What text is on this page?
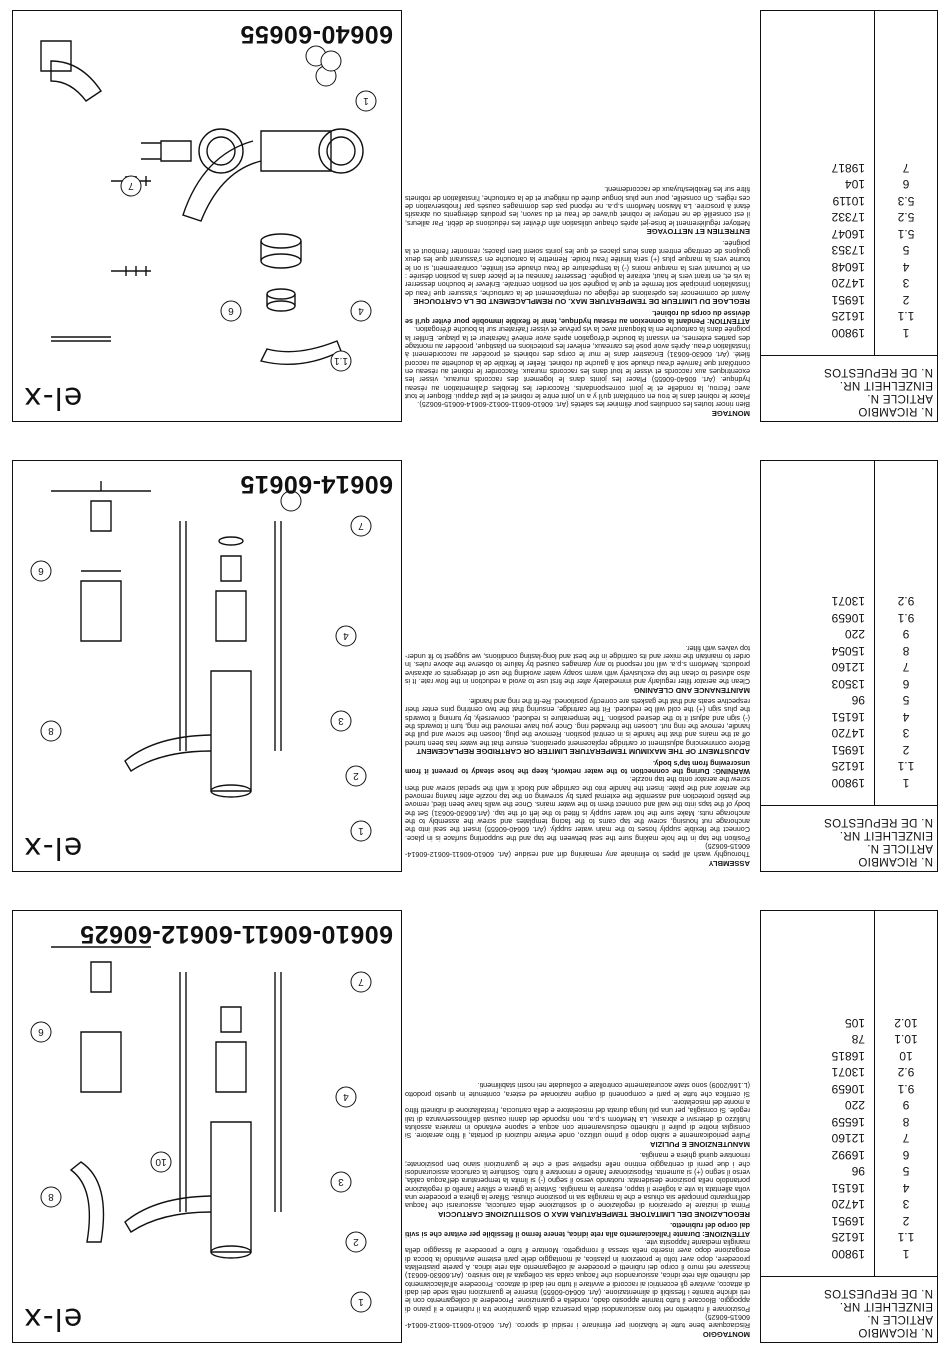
N. RICAMBIO
ARTICLE N.
EINZELHEIT NR.
N. DE REPUESTOS
1
19800
1.1
16125
2
16951
3
14720
4
16048
5
17353
5.1
16047
5.2
17332
5.3
10119
6
104
7
19817
MONTAGE

Bien rincer toutes les conduites pour éliminer les saletés (Art. 60610-60611-60612-60614-60615-60625).

Placer le robinet dans le trou en contrôlant qu'il y a un joint entre le robinet et le plat d'appui. Bloquer le tout avec l'écrou, la rondelle et le joint correspondants. Raccorder les flexibles d'alimentation au réseau hydrique. (Art. 60640-60655) Placer les joints dans le logement des raccords muraux, visser les excentriques aux raccords et visser le tout dans les raccords muraux. Raccorder le robinet au réseau en contrôlant que l'arrivée d'eau chaude soit à gauche du robinet. Relier le flexible de la douchette au raccord fileté. (Art. 60630-60631) Encastrer dans le mur le corps des robinets et procéder au raccordement à l'installation d'eau. Après avoir posé les carreaux, enlever les protections en plastique, procéder au montage des parties externes, en vissant la bouche d'érogation après avoir enlevé l'aérateur et la plaque. Enfiler la poignée dans la cartouche en la bloquant avec la vis prévue et visser l'aérateur sur la bouche d'érogation.

ATTENTION: Pendant la connexion au réseau hydrique, tenir le flexible immobile pour éviter qu'il se dévisse du corps du robinet.

REGLAGE DU LIMITEUR DE TEMPERATURE MAX. OU REMPLACEMENT DE LA CARTOUCHE

Avant de commencer les opérations de réglage ou remplacement de la cartouche, s'assurer que l'eau de l'installation principale soit fermée et que la poignée soit en position centrale. Enlever le bouchon desserrer la vis et, en tirant vers le haut, extraire la poignée. Desserrer l'anneau et le placer dans la position désirée : en le tournant vers la marque moins (-) la température de l'eau chaude est limitée, contrairement, si on le tourne vers la marque plus (+) sera limitée l'eau froide. Remettre la cartouche en s'assurant que les deux goujons de centrage entrent dans leurs places et que les joints soient bien placés; remonter l'embout et la poignée.

ENTRETIEN ET NETTOYAGE

Nettoyer régulièrement le brise-jet après chaque utilisation afin d'éviter les réductions de débit. Par ailleurs, il est conseillé de ne nettoyer le robinet qu'avec de l'eau et du savon, les produits détergents ou abrasifs étant à proscrire. La Maison Newform s.p.a. ne répond pas des dommages causés par l'inobservation de ces règles. On conseille, pour une plus longue durée du mitigeur et de la cartouche, l'installation de robinets filtre sur les flexibles/tuyaux de raccordement.

el-x
1
4
6
7
1.1
60640-60655
N. RICAMBIO
ARTICLE N.
EINZELHEIT NR.
N. DE REPUESTOS
1
19800
1.1
16125
2
16951
3
14720
4
16151
5
96
6
13503
7
12160
8
15054
9
220
9.1
10659
9.2
13071
ASSEMBLY

Thoroughly wash all pipes to eliminate any remaining dirt and residue (Art. 60610-60611-60612-60614-60615-60625)

Position the tap in the hole making sure the seal between the tap and the supporting surface is in place. Connect the flexible supply hoses to the main water supply. (Art. 60640-60655) Insert the seal into the anchorage nut housing, screw the tap cams to the facing templates and screw the assembly to the anchorage nuts. Make sure the hot water supply is fitted to the left of the tap. (Art.60630-60631) Set the body of the taps into the wall and connect them to the water mains. Once the walls have been tiled, remove the plastic protection and assemble the external parts by screwing on the tap nozzle after having removed the aerator and the plate. Insert the handle into the cartridge and block it with the special screw and then screw the aerator onto the tap nozzle.

WARNING: During the connection to the water network, keep the hose steady to prevent it from unscrewing from tap's body.

ADJUSTMENT OF THE MAXIMUM TEMPERATURE LIMITER OR CARTRIDGE REPLACEMENT

Before commencing adjustment or cartridge replacement operations, ensure that the water has been turned off at the mains and that the handle is in central position. Remove the plug, loosen the screw and pull the handle, remove the ring nut. Loosen the threaded ring. Once you have removed the ring, turn it towards the (-) sign and adjust it to the desired position. The temperature is reduced, conversely, by turning it towards the plus sign (+) the cold will be reduced. Fit the cartridge, ensuring that the two centring pins enter their respective seats and that the gaskets are correctly positioned. Re-fit the ring and handle.

MAINTENANCE AND CLEANING

Clean the aerator filter regularly and immediately after the first use to avoid a reduction in the flow rate. It is also advised to clean the tap exclusively with warm soapy water avoiding the use of detergents or abrasive products. Newform s.p.a. will not respond to any damages caused by failure to observe the above rules. In order to maintain the mixer and its cartridge in the best and long-lasting conditions, we suggest to fit under-top valves with filter.

el-x	1
2
3
4
7
6
8
60614-60615
N. RICAMBIO
ARTICLE N.
EINZELHEIT NR.
N. DE REPUESTOS
1
19800
1.1
16125
2
16951
3
14720
4
16151
5
96
6
16992
7
12160
8
16559
9
220
9.1
10659
9.2
13071
10
16815
10.1
78
10.2
105
MONTAGGIO

Risciacquare bene tutte le tubazioni per eliminare i residui di sporco. (Art. 60610-60611-60612-60614-60615-60625)

Posizionare il rubinetto nel foro assicurandosi della presenza della guarnizione tra il rubinetto e il piano di appoggio. Bloccare il tutto tramite apposito dado, rondella e guarnizione. Procedere al collegamento con le reti idriche tramite i flessibili di alimentazione. (Art. 60640-60655) Inserire le guarnizioni nella sede dei dadi di attacco, avvitare gli eccentrici ai raccordi e avvitare il tutto nei dadi di attacco. Procedere all'allacciamento del rubinetto alla rete idrica, assicurandosi che l'acqua calda sia collegata al lato sinistro. (Art.60630-60631) Incassare nel muro il corpo dei rubinetti e procedere al collegamento alla rete idrica. A parete piastrellata procedere, dopo aver tolto le protezioni in plastica, al montaggio delle parti esterne avvitando la bocca di erogazione dopo aver inserito nella stessa il rompigetto. Montare il tutto e procedere al fissaggio della maniglia mediante l'apposita vite.

ATTENZIONE: Durante l'allacciamento alla rete idrica, tenere fermo il flessibile per evitare che si sviti dal corpo del rubinetto.

REGOLAZIONE DEL LIMITATORE TEMPERATURA MAX O SOSTITUZIONE CARTUCCIA

Prima di iniziare le operazioni di regolazione o di sostituzione della cartuccia, assicurarsi che l'acqua dell'impianto principale sia chiusa e che la maniglia sia in posizione chiusa. Sfilare la ghiera e procedere una volta allentata la vite a togliere il tappo, estrarre la maniglia. Svitare la ghiera e sfilare l'anello di regolazione portandolo nella posizione desiderata: ruotando verso il segno (-) si limita la temperatura dell'acqua calda, verso il segno (+) si aumenta. Riposizionare l'anello e rimontare il tutto. Sostituire la cartuccia assicurandosi che i due perni di centraggio entrino nelle rispettive sedi e che le guarnizioni siano ben posizionate; rimontare quindi ghiera e maniglia.

MANUTENZIONE E PULIZIA

Pulire periodicamente e subito dopo il primo utilizzo, onde evitare riduzioni di portata, il filtro aeratore. Si consiglia inoltre di pulire il rubinetto esclusivamente con acqua e sapone evitando in maniera assoluta l'utilizzo di detersivi e abrasivi. La Newform s.p.a. non risponde dei danni causati dall'inosservanza di tali regole. Si consiglia, per una più lunga durata del miscelatore e della cartuccia, l'installazione di rubinetti filtro a monte del miscelatore.

Si certifica che tutte le parti e componenti di origine nazionale ed estera, contenute in questo prodotto (L.166/2009) sono state accuratamente controllate e collaudate nei nostri stabilimenti.

el-x	1
2
3
4
7
6
8
10
60610-60611-60612-60625
